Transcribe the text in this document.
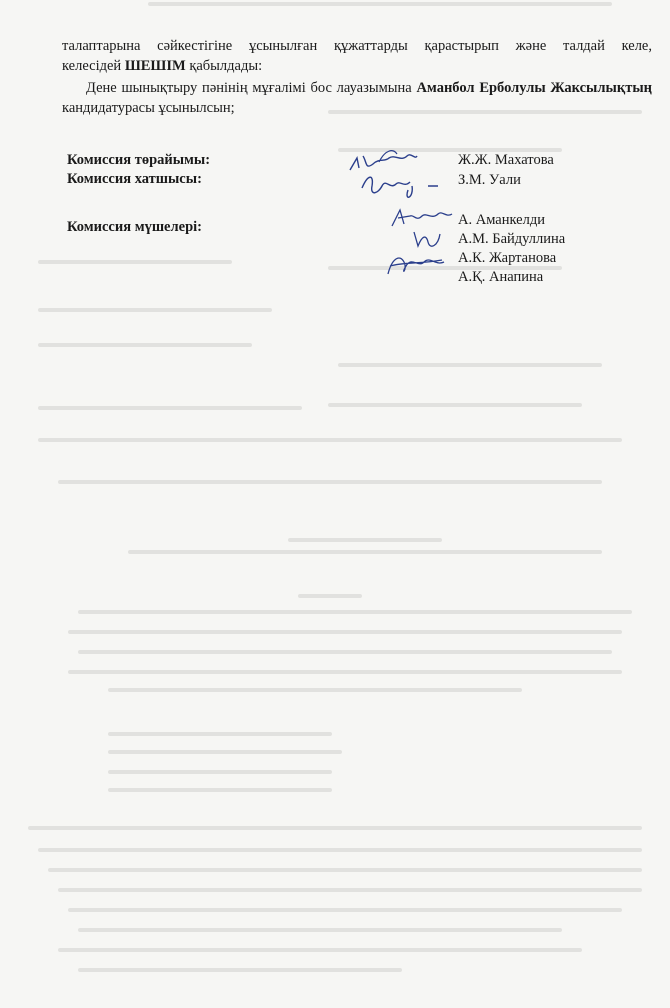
талаптарына сәйкестігіне ұсынылған құжаттарды қарастырып және талдай келе,
келесідей ШЕШІМ қабылдады:
Дене шынықтыру пәнінің мұғалімі бос лауазымына Аманбол Ерболулы Жаксылықтың кандидатурасы ұсынылсын;
Комиссия төрайымы:
Комиссия хатшысы:
Комиссия мүшелері:
Ж.Ж. Махатова
З.М. Уали
А. Аманкелди
А.М. Байдуллина
А.К. Жартанова
А.Қ. Анапина
